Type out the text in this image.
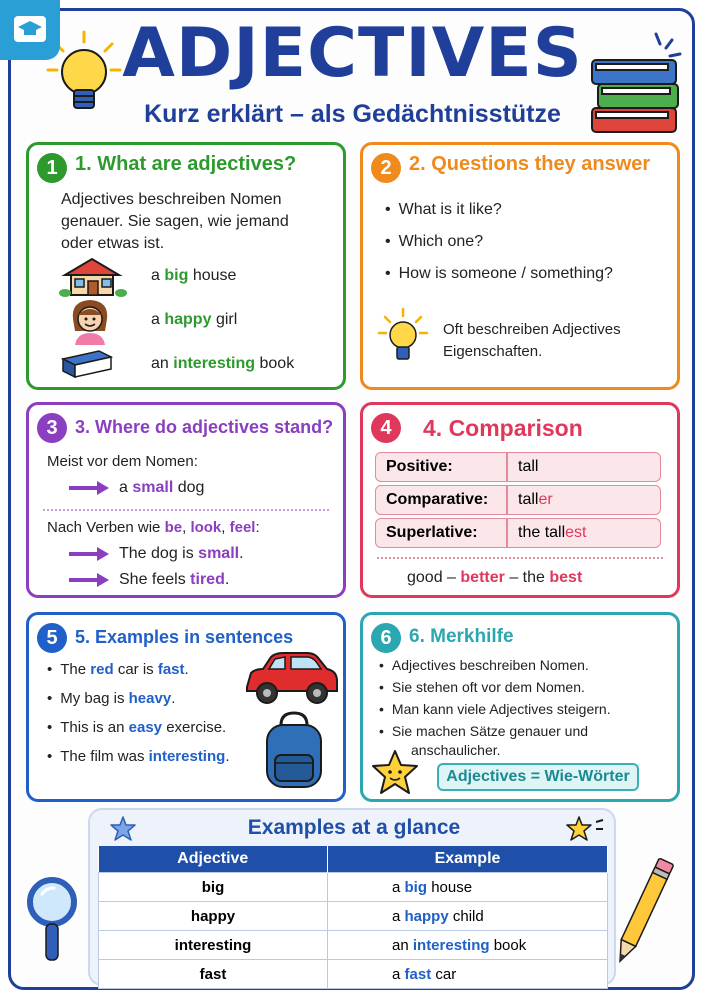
ADJECTIVES

Kurz erklärt – als Gedächtnisstütze

1 1. What are adjectives?
Adjectives beschreiben Nomen
genauer. Sie sagen, wie jemand
oder etwas ist.
a big house
a happy girl
an interesting book
2 2. Questions they answer
• What is it like?
• Which one?
• How is someone / something?
Oft beschreiben Adjectives
Eigenschaften.
3 3. Where do adjectives stand?
Meist vor dem Nomen:
a small dog
Nach Verben wie be, look, feel:
The dog is small.
She feels tired.
4	4. Comparison
Positive:	tall
Comparative:	taller
Superlative:	the tallest
good – better – the best
5 5. Examples in sentences
• The red car is fast.
• My bag is heavy.
• This is an easy exercise.
• The film was interesting.
6 6. Merkhilfe
• Adjectives beschreiben Nomen.
• Sie stehen oft vor dem Nomen.
• Man kann viele Adjectives steigern.
• Sie machen Sätze genauer und
anschaulicher.
Adjectives = Wie-Wörter
Examples at a glance
Adjective	Example
big	a big house
happy	a happy child
interesting	an interesting book
fast	a fast car
